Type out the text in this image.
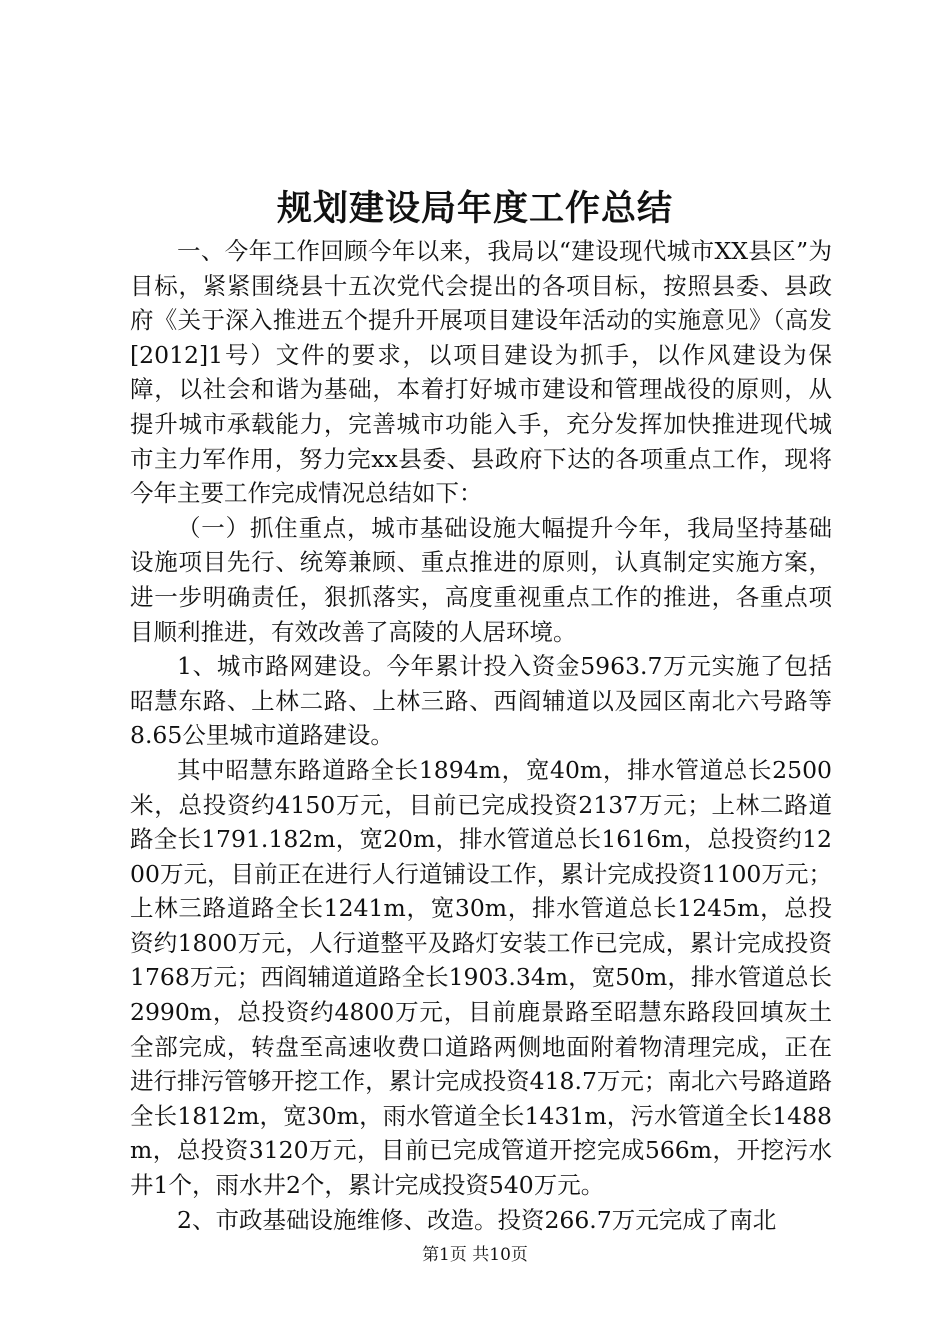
规划建设局年度工作总结

一、今年工作回顾今年以来，我局以“建设现代城市XX县区”为目标，紧紧围绕县十五次党代会提出的各项目标，按照县委、县政府《关于深入推进五个提升开展项目建设年活动的实施意见》（高发[2012]1号）文件的要求，以项目建设为抓手，以作风建设为保障，以社会和谐为基础，本着打好城市建设和管理战役的原则，从提升城市承载能力，完善城市功能入手，充分发挥加快推进现代城市主力军作用，努力完xx县委、县政府下达的各项重点工作，现将今年主要工作完成情况总结如下：

（一）抓住重点，城市基础设施大幅提升今年，我局坚持基础设施项目先行、统筹兼顾、重点推进的原则，认真制定实施方案，进一步明确责任，狠抓落实，高度重视重点工作的推进，各重点项目顺利推进，有效改善了高陵的人居环境。

1、城市路网建设。今年累计投入资金5963.7万元实施了包括昭慧东路、上林二路、上林三路、西阎辅道以及园区南北六号路等8.65公里城市道路建设。

其中昭慧东路道路全长1894m，宽40m，排水管道总长2500米，总投资约4150万元，目前已完成投资2137万元；上林二路道路全长1791.182m，宽20m，排水管道总长1616m，总投资约1200万元，目前正在进行人行道铺设工作，累计完成投资1100万元；上林三路道路全长1241m，宽30m，排水管道总长1245m，总投资约1800万元，人行道整平及路灯安装工作已完成，累计完成投资1768万元；西阎辅道道路全长1903.34m，宽50m，排水管道总长2990m，总投资约4800万元，目前鹿景路至昭慧东路段回填灰土全部完成，转盘至高速收费口道路两侧地面附着物清理完成，正在进行排污管够开挖工作，累计完成投资418.7万元；南北六号路道路全长1812m，宽30m，雨水管道全长1431m，污水管道全长1488m，总投资3120万元，目前已完成管道开挖完成566m，开挖污水井1个，雨水井2个，累计完成投资540万元。

2、市政基础设施维修、改造。投资266.7万元完成了南北

第1页 共10页
